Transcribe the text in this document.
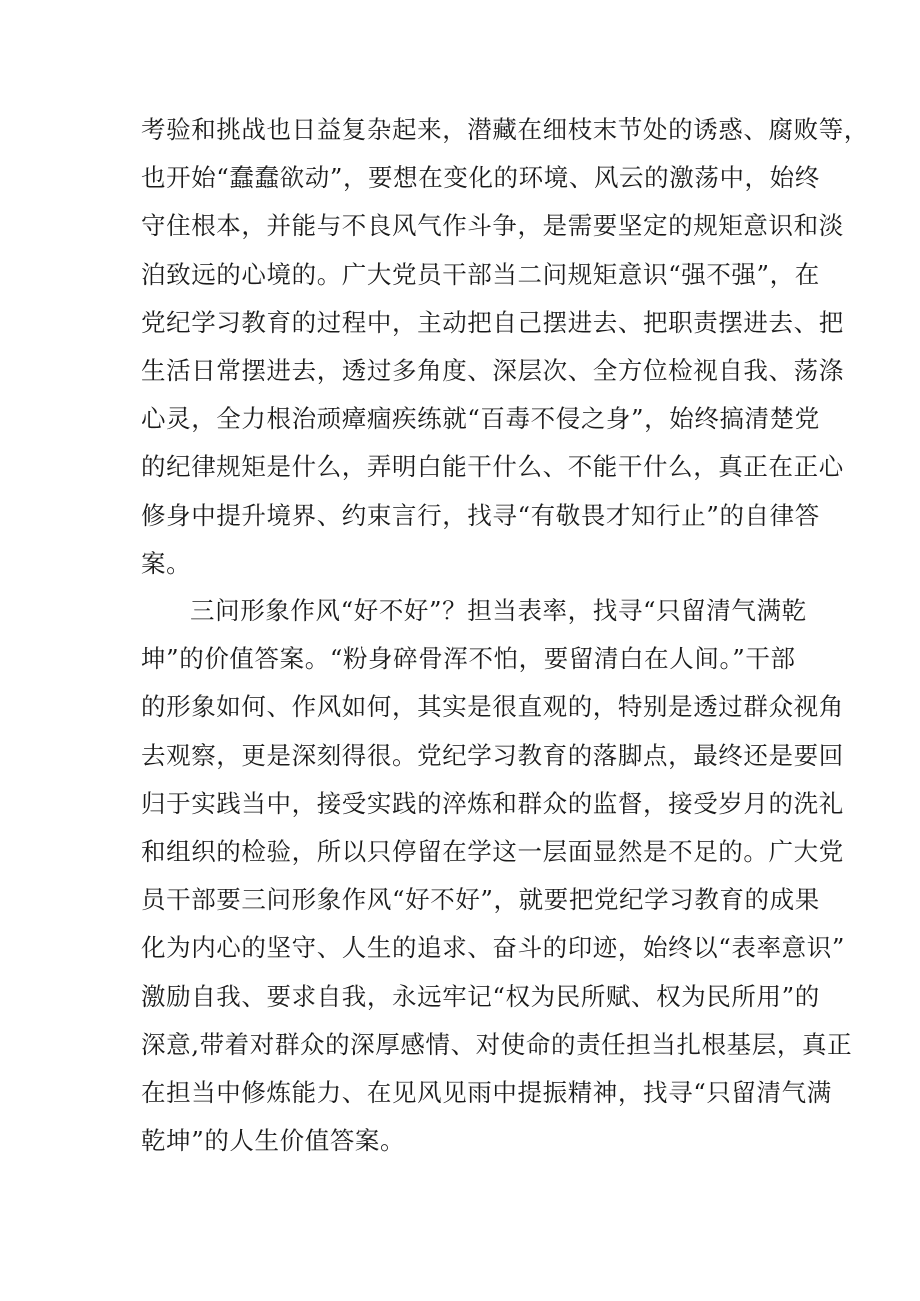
考验和挑战也日益复杂起来，潜藏在细枝末节处的诱惑、腐败等，
也开始“蠢蠢欲动”，要想在变化的环境、风云的激荡中，始终
守住根本，并能与不良风气作斗争，是需要坚定的规矩意识和淡
泊致远的心境的。广大党员干部当二问规矩意识“强不强”，在
党纪学习教育的过程中，主动把自己摆进去、把职责摆进去、把
生活日常摆进去，透过多角度、深层次、全方位检视自我、荡涤
心灵，全力根治顽瘴痼疾练就“百毒不侵之身”，始终搞清楚党
的纪律规矩是什么，弄明白能干什么、不能干什么，真正在正心
修身中提升境界、约束言行，找寻“有敬畏才知行止”的自律答
案。
三问形象作风“好不好”？担当表率，找寻“只留清气满乾
坤”的价值答案。“粉身碎骨浑不怕，要留清白在人间。”干部
的形象如何、作风如何，其实是很直观的，特别是透过群众视角
去观察，更是深刻得很。党纪学习教育的落脚点，最终还是要回
归于实践当中，接受实践的淬炼和群众的监督，接受岁月的洗礼
和组织的检验，所以只停留在学这一层面显然是不足的。广大党
员干部要三问形象作风“好不好”，就要把党纪学习教育的成果
化为内心的坚守、人生的追求、奋斗的印迹，始终以“表率意识”
激励自我、要求自我，永远牢记“权为民所赋、权为民所用”的
深意,带着对群众的深厚感情、对使命的责任担当扎根基层，真正
在担当中修炼能力、在见风见雨中提振精神，找寻“只留清气满
乾坤”的人生价值答案。
